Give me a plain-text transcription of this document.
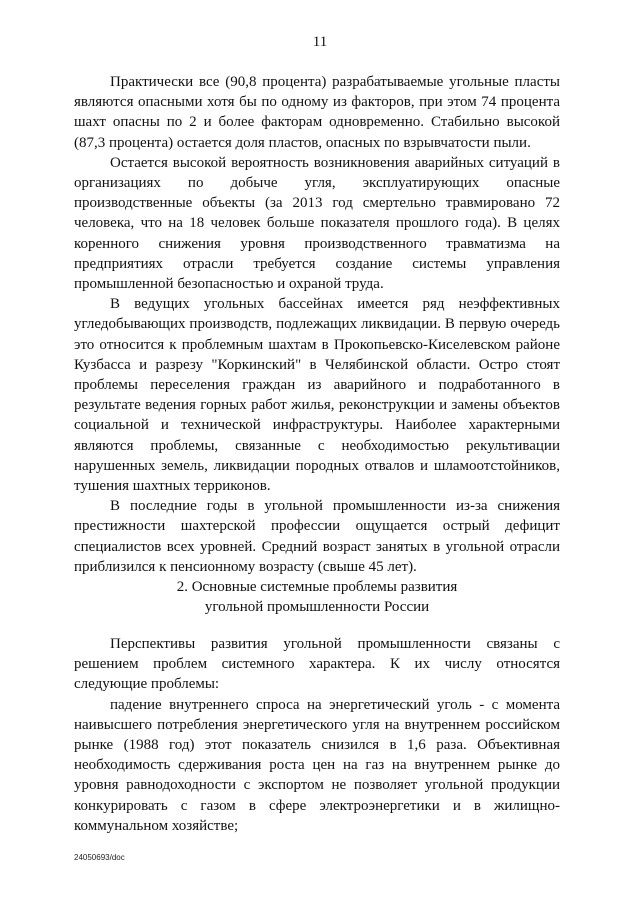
11

Практически все (90,8 процента) разрабатываемые угольные пласты являются опасными хотя бы по одному из факторов, при этом 74 процента шахт опасны по 2 и более факторам одновременно. Стабильно высокой (87,3 процента) остается доля пластов, опасных по взрывчатости пыли.

Остается высокой вероятность возникновения аварийных ситуаций в организациях по добыче угля, эксплуатирующих опасные производственные объекты (за 2013 год смертельно травмировано 72 человека, что на 18 человек больше показателя прошлого года). В целях коренного снижения уровня производственного травматизма на предприятиях отрасли требуется создание системы управления промышленной безопасностью и охраной труда.

В ведущих угольных бассейнах имеется ряд неэффективных угледобывающих производств, подлежащих ликвидации. В первую очередь это относится к проблемным шахтам в Прокопьевско-Киселевском районе Кузбасса и разрезу "Коркинский" в Челябинской области. Остро стоят проблемы переселения граждан из аварийного и подработанного в результате ведения горных работ жилья, реконструкции и замены объектов социальной и технической инфраструктуры. Наиболее характерными являются проблемы, связанные с необходимостью рекультивации нарушенных земель, ликвидации породных отвалов и шламоотстойников, тушения шахтных терриконов.

В последние годы в угольной промышленности из-за снижения престижности шахтерской профессии ощущается острый дефицит специалистов всех уровней. Средний возраст занятых в угольной отрасли приблизился к пенсионному возрасту (свыше 45 лет).

2. Основные системные проблемы развития
угольной промышленности России

Перспективы развития угольной промышленности связаны с решением проблем системного характера. К их числу относятся следующие проблемы:

падение внутреннего спроса на энергетический уголь - с момента наивысшего потребления энергетического угля на внутреннем российском рынке (1988 год) этот показатель снизился в 1,6 раза. Объективная необходимость сдерживания роста цен на газ на внутреннем рынке до уровня равнодоходности с экспортом не позволяет угольной продукции конкурировать с газом в сфере электроэнергетики и в жилищно-коммунальном хозяйстве;

24050693/doc
